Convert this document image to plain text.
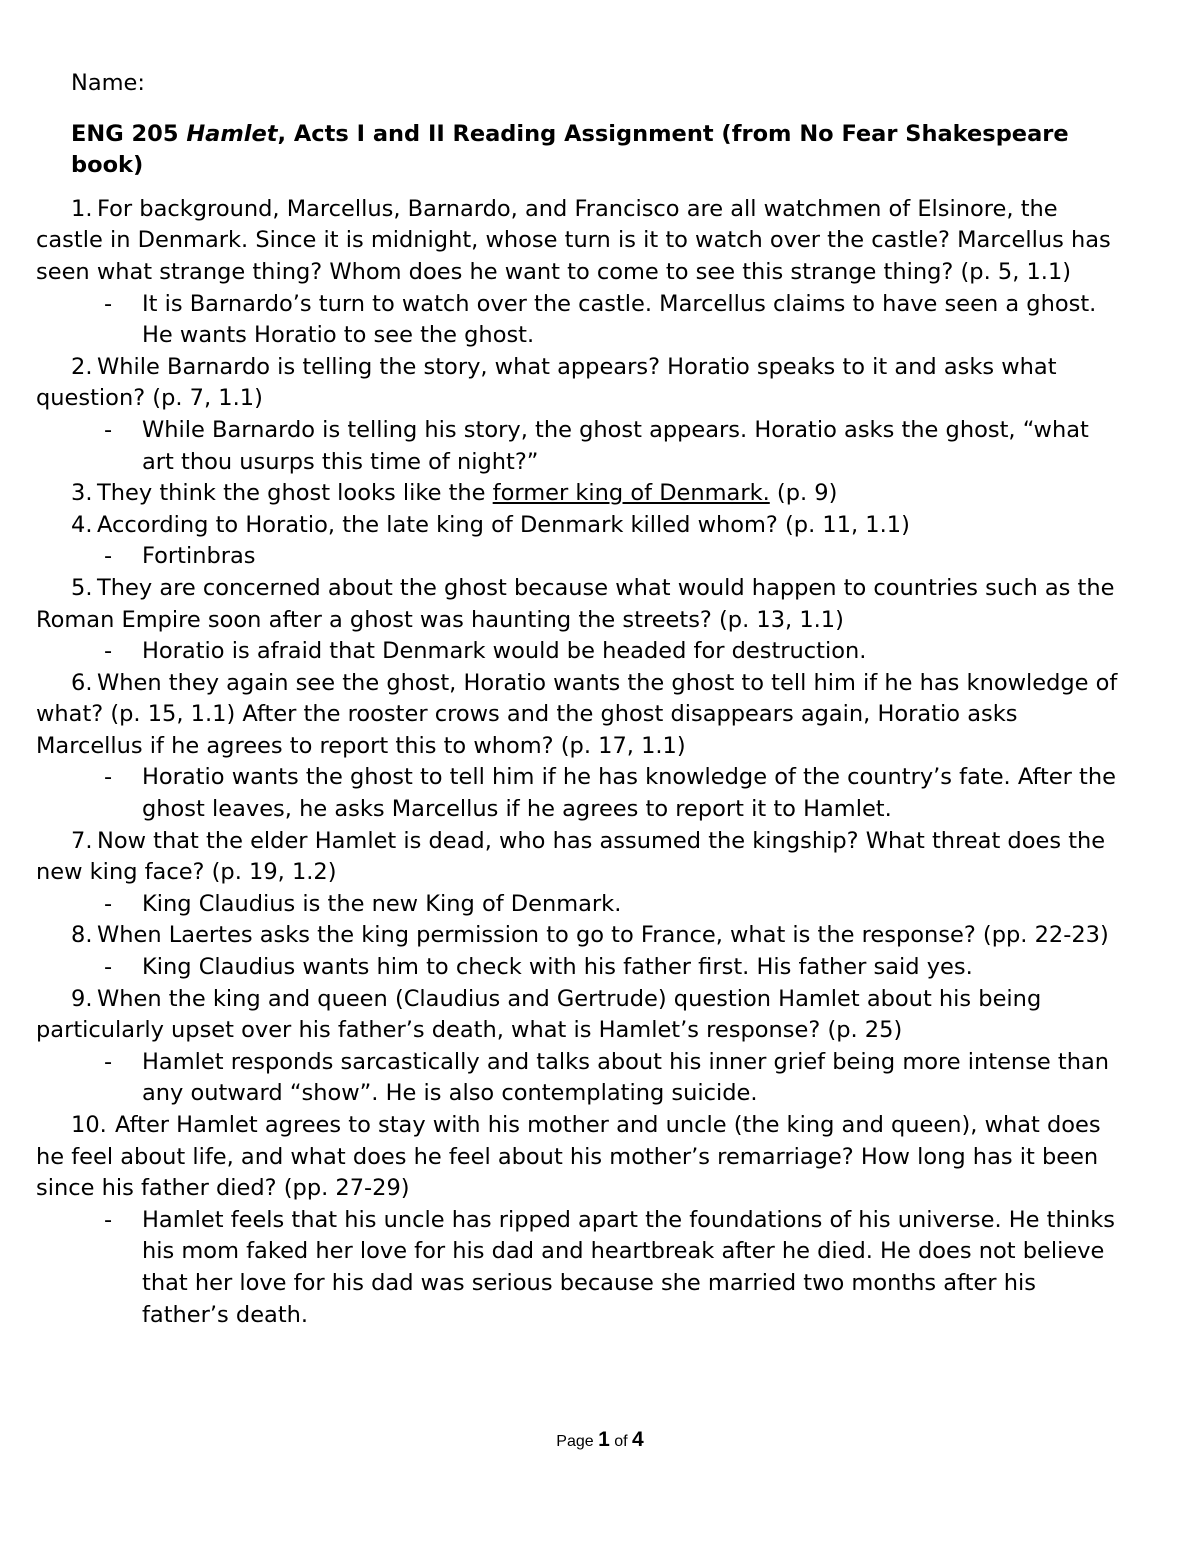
Name:
ENG 205 Hamlet, Acts I and II Reading Assignment (from No Fear Shakespeare book)

1. For background, Marcellus, Barnardo, and Francisco are all watchmen of Elsinore, the castle in Denmark. Since it is midnight, whose turn is it to watch over the castle? Marcellus has seen what strange thing? Whom does he want to come to see this strange thing? (p. 5, 1.1)

- It is Barnardo’s turn to watch over the castle. Marcellus claims to have seen a ghost. He wants Horatio to see the ghost.

2. While Barnardo is telling the story, what appears? Horatio speaks to it and asks what question? (p. 7, 1.1)

- While Barnardo is telling his story, the ghost appears. Horatio asks the ghost, “what art thou usurps this time of night?”

3. They think the ghost looks like the former king of Denmark. (p. 9)

4. According to Horatio, the late king of Denmark killed whom? (p. 11, 1.1)

- Fortinbras

5. They are concerned about the ghost because what would happen to countries such as the Roman Empire soon after a ghost was haunting the streets? (p. 13, 1.1)

- Horatio is afraid that Denmark would be headed for destruction.

6. When they again see the ghost, Horatio wants the ghost to tell him if he has knowledge of what? (p. 15, 1.1) After the rooster crows and the ghost disappears again, Horatio asks Marcellus if he agrees to report this to whom? (p. 17, 1.1)

- Horatio wants the ghost to tell him if he has knowledge of the country’s fate. After the ghost leaves, he asks Marcellus if he agrees to report it to Hamlet.

7. Now that the elder Hamlet is dead, who has assumed the kingship? What threat does the new king face? (p. 19, 1.2)

- King Claudius is the new King of Denmark.

8. When Laertes asks the king permission to go to France, what is the response? (pp. 22-23)

- King Claudius wants him to check with his father first. His father said yes.

9. When the king and queen (Claudius and Gertrude) question Hamlet about his being particularly upset over his father’s death, what is Hamlet’s response? (p. 25)

- Hamlet responds sarcastically and talks about his inner grief being more intense than any outward “show”. He is also contemplating suicide.

10. After Hamlet agrees to stay with his mother and uncle (the king and queen), what does he feel about life, and what does he feel about his mother’s remarriage? How long has it been since his father died? (pp. 27-29)

- Hamlet feels that his uncle has ripped apart the foundations of his universe. He thinks his mom faked her love for his dad and heartbreak after he died. He does not believe that her love for his dad was serious because she married two months after his father’s death.

Page 1 of 4
